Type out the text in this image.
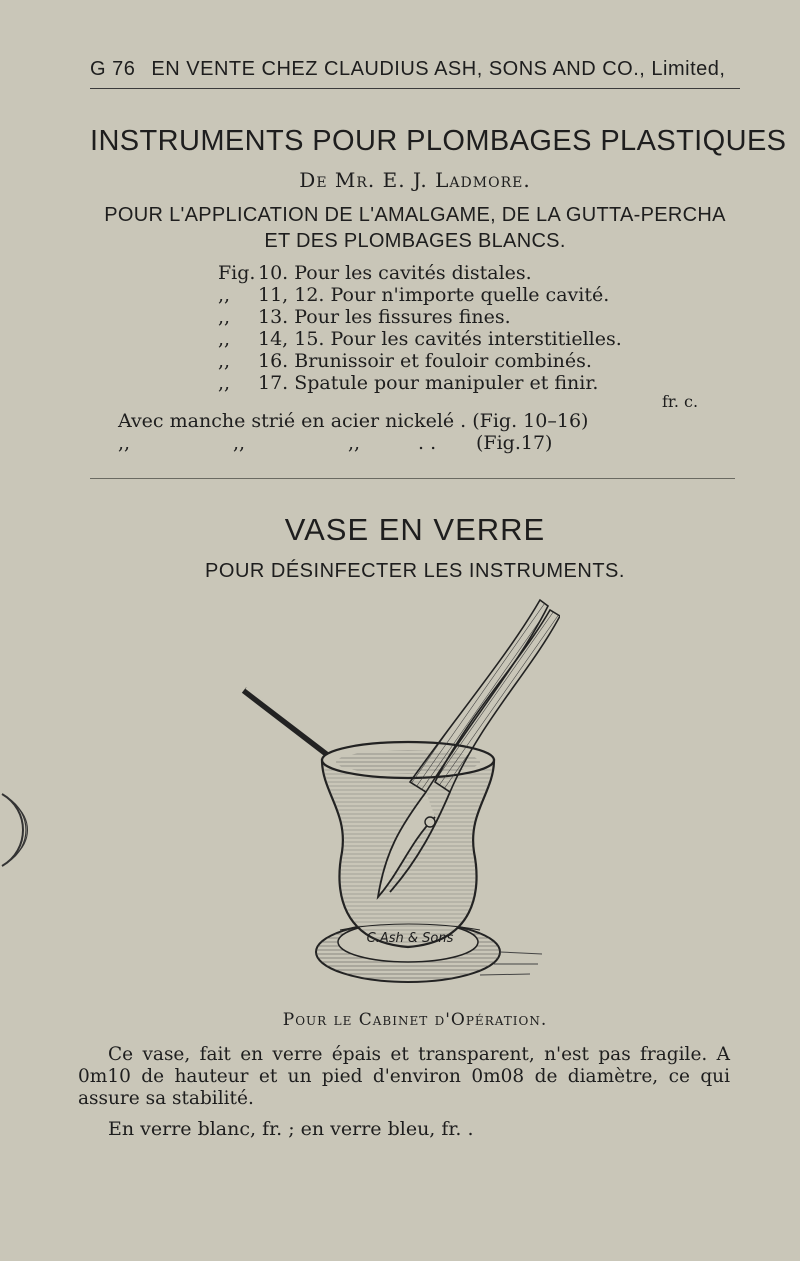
G 76 EN VENTE CHEZ CLAUDIUS ASH, SONS AND CO., Limited,
INSTRUMENTS POUR PLOMBAGES PLASTIQUES
De Mr. E. J. Ladmore.
POUR L'APPLICATION DE L'AMALGAME, DE LA GUTTA-PERCHA
ET DES PLOMBAGES BLANCS.
Fig. 10. Pour les cavités distales.
,, 11, 12. Pour n'importe quelle cavité.
,, 13. Pour les fissures fines.
,, 14, 15. Pour les cavités interstitielles.
,, 16. Brunissoir et fouloir combinés.
,, 17. Spatule pour manipuler et finir.
fr. c.
Avec manche strié en acier nickelé . (Fig. 10–16)
,,	,,	,,	. . (Fig.17)
VASE EN VERRE
POUR DÉSINFECTER LES INSTRUMENTS.
C.Ash & Sons
Pour le Cabinet d'Opération.
Ce vase, fait en verre épais et transparent, n'est pas fragile. A 0m10 de hauteur et un pied d'environ 0m08 de diamètre, ce qui assure sa stabilité.
En verre blanc, fr. ; en verre bleu, fr. .
